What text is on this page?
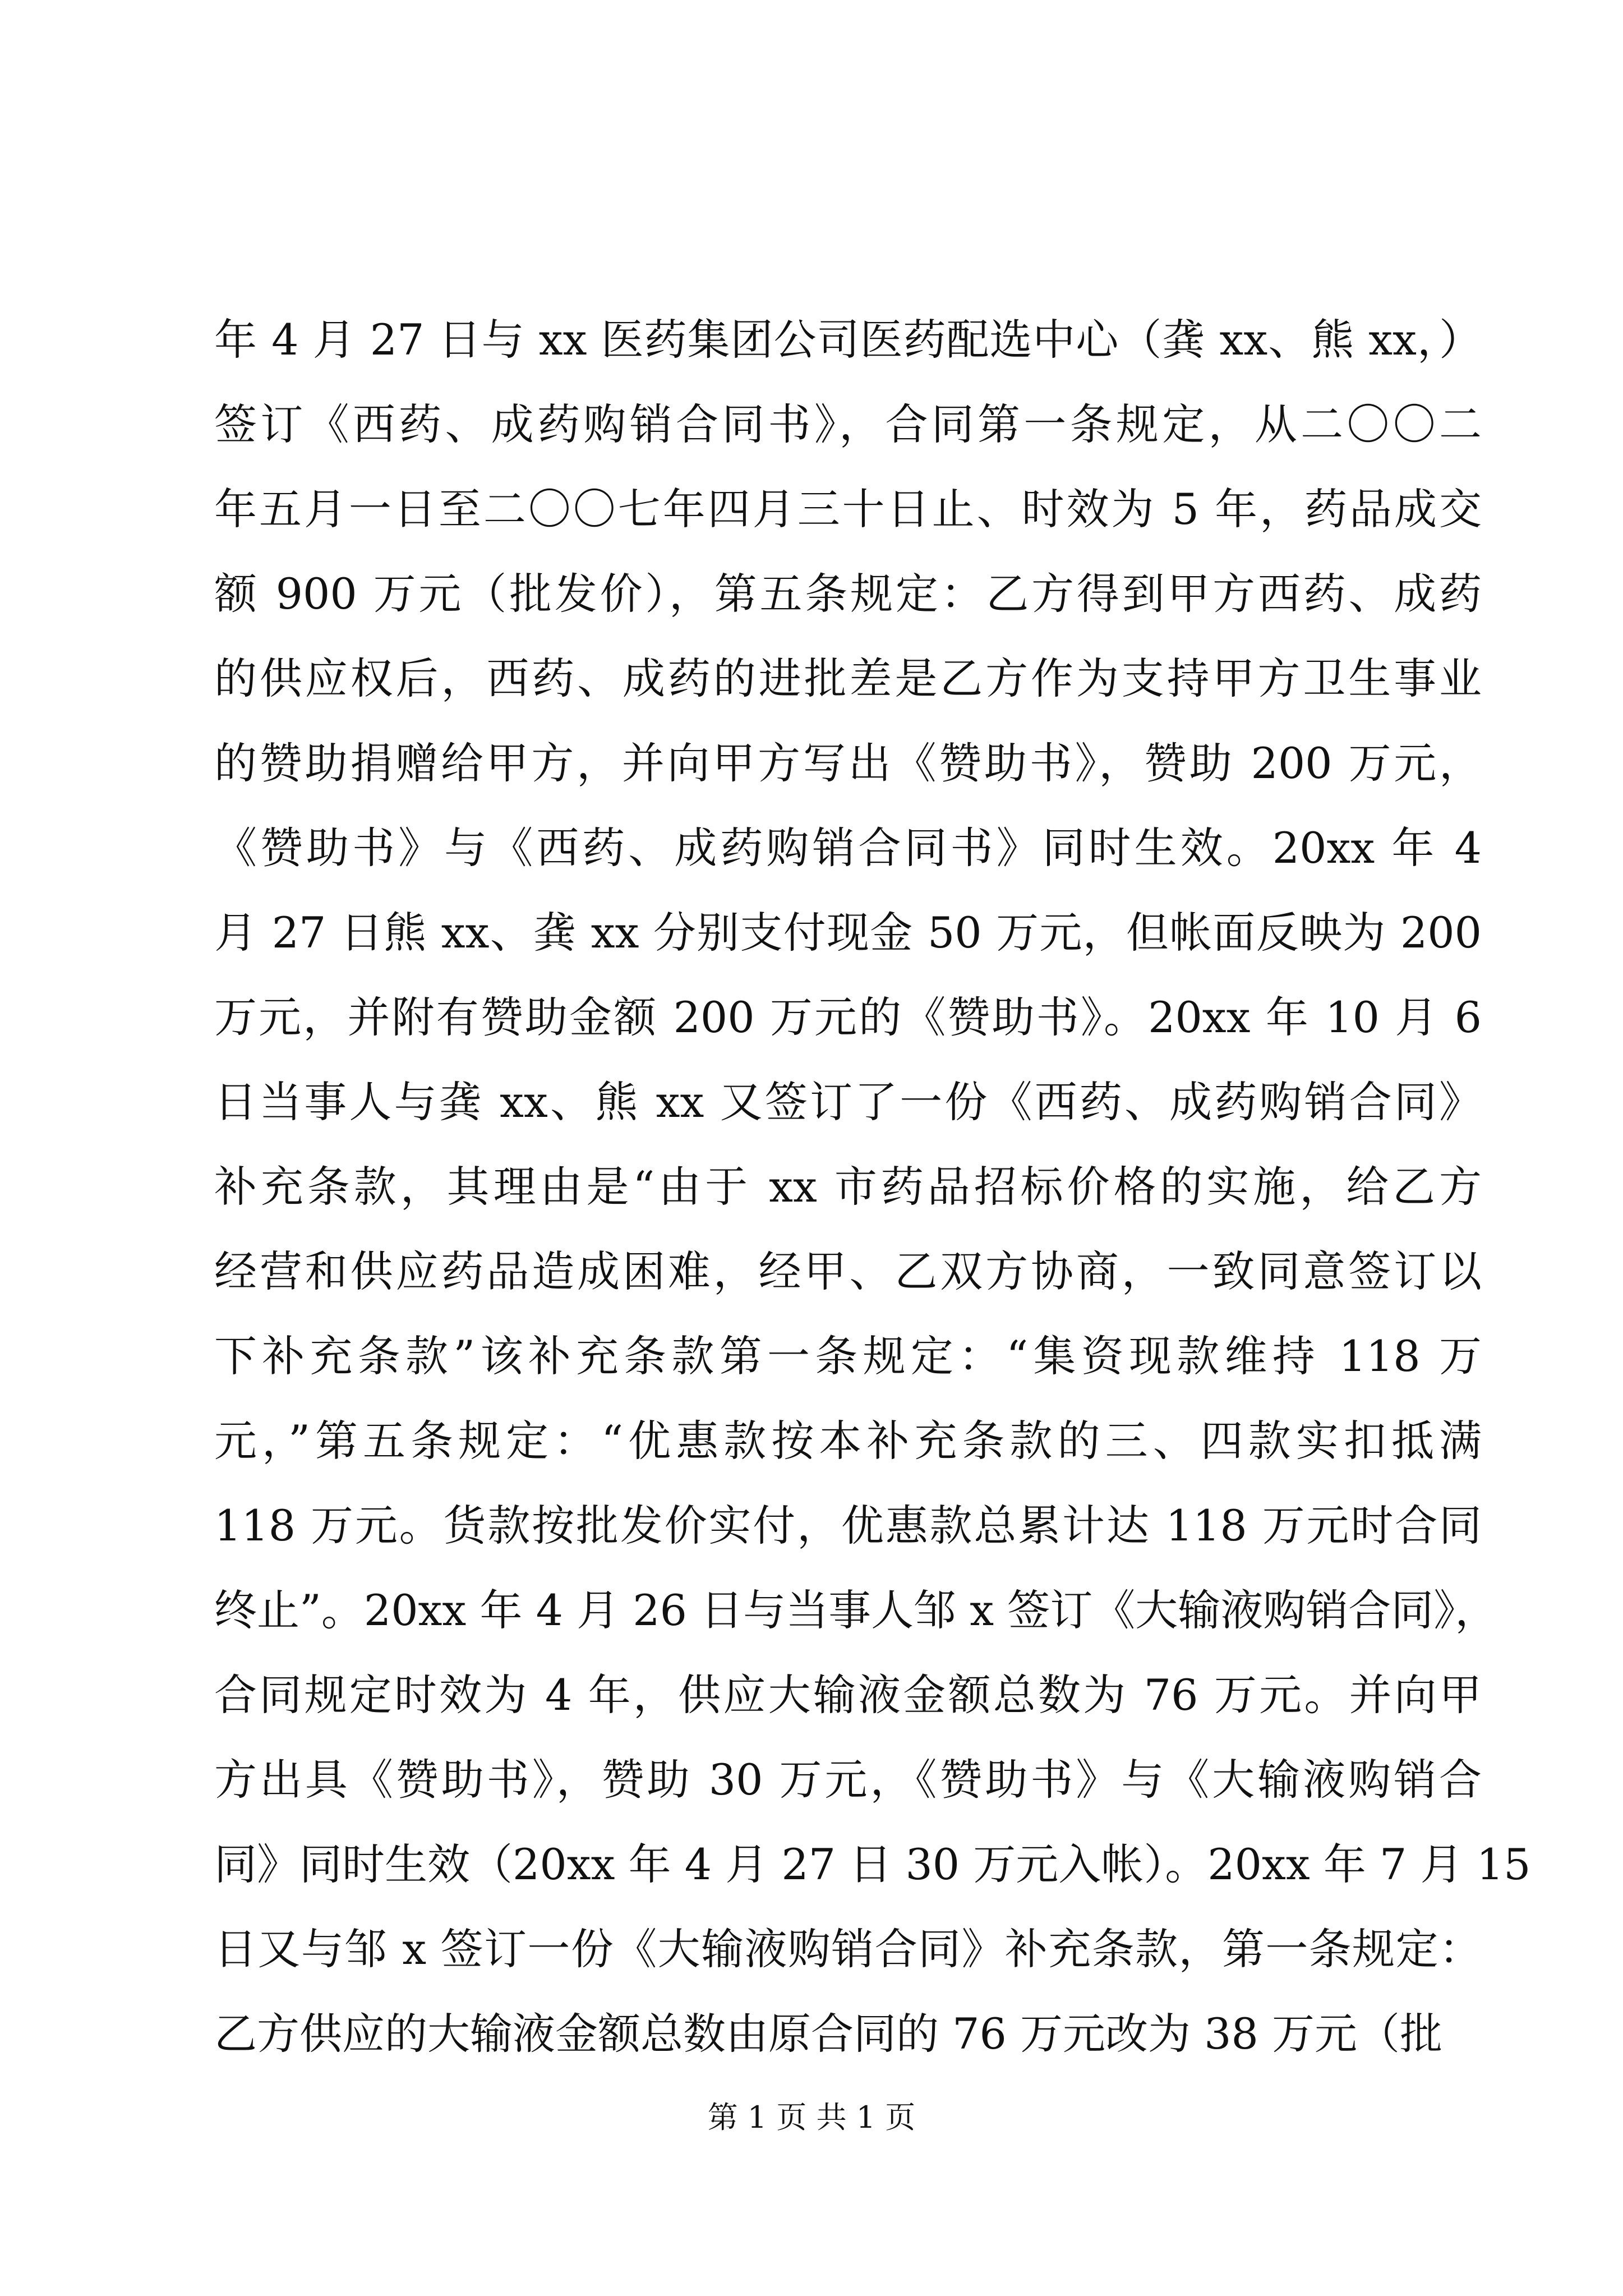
年 4 月 27 日与 xx 医药集团公司医药配选中心（龚 xx、熊 xx，）
签订《西药、成药购销合同书》，合同第一条规定，从二〇〇二
年五月一日至二〇〇七年四月三十日止、时效为 5 年，药品成交
额 900 万元（批发价），第五条规定：乙方得到甲方西药、成药
的供应权后，西药、成药的进批差是乙方作为支持甲方卫生事业
的赞助捐赠给甲方，并向甲方写出《赞助书》，赞助 200 万元，
《赞助书》与《西药、成药购销合同书》同时生效。20xx 年 4
月 27 日熊 xx、龚 xx 分别支付现金 50 万元，但帐面反映为 200
万元，并附有赞助金额 200 万元的《赞助书》。20xx 年 10 月 6
日当事人与龚 xx、熊 xx 又签订了一份《西药、成药购销合同》
补充条款，其理由是“由于 xx 市药品招标价格的实施，给乙方
经营和供应药品造成困难，经甲、乙双方协商，一致同意签订以
下补充条款”该补充条款第一条规定：“集资现款维持 118 万
元，”第五条规定：“优惠款按本补充条款的三、四款实扣抵满
118 万元。货款按批发价实付，优惠款总累计达 118 万元时合同
终止”。20xx 年 4 月 26 日与当事人邹 x 签订《大输液购销合同》，
合同规定时效为 4 年，供应大输液金额总数为 76 万元。并向甲
方出具《赞助书》，赞助 30 万元，《赞助书》与《大输液购销合
同》同时生效（20xx 年 4 月 27 日 30 万元入帐）。20xx 年 7 月 15
日又与邹 x 签订一份《大输液购销合同》补充条款，第一条规定：
乙方供应的大输液金额总数由原合同的 76 万元改为 38 万元（批
第 1 页 共 1 页
